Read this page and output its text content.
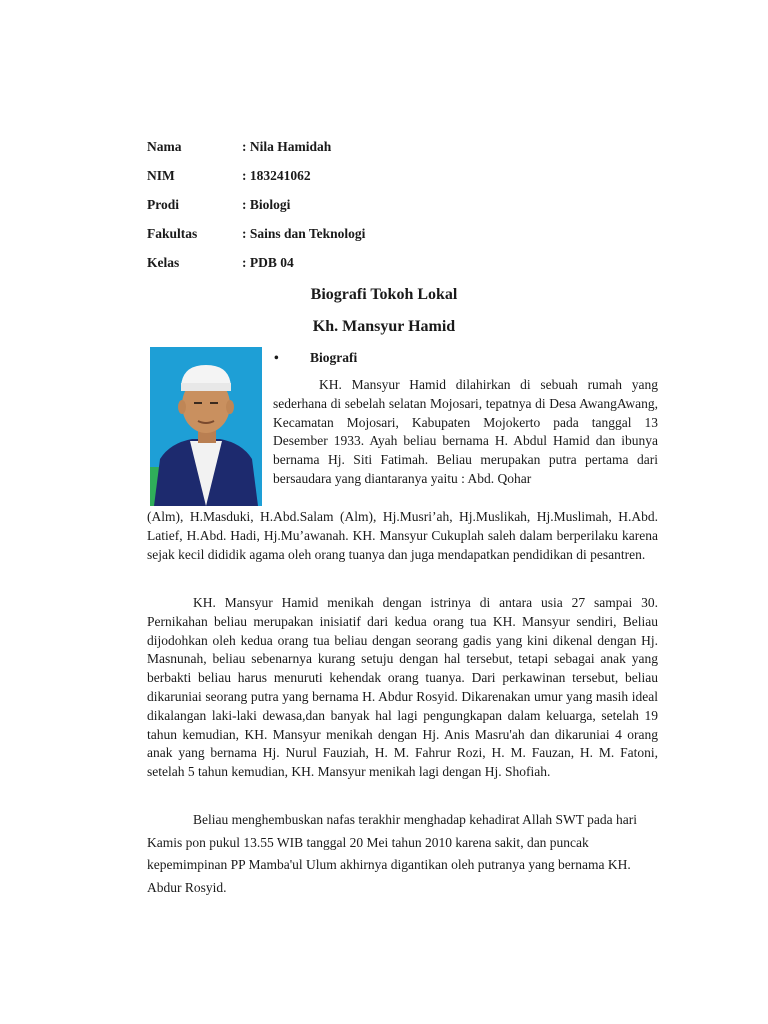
Nama	: Nila Hamidah
NIM	: 183241062
Prodi	: Biologi
Fakultas	: Sains dan Teknologi
Kelas	: PDB 04
Biografi Tokoh Lokal
Kh. Mansyur Hamid
• Biografi

KH. Mansyur Hamid dilahirkan di sebuah rumah yang sederhana di sebelah selatan Mojosari, tepatnya di Desa AwangAwang, Kecamatan Mojosari, Kabupaten Mojokerto pada tanggal 13 Desember 1933. Ayah beliau bernama H. Abdul Hamid dan ibunya bernama Hj. Siti Fatimah. Beliau merupakan putra pertama dari bersaudara yang diantaranya yaitu : Abd. Qohar

(Alm), H.Masduki, H.Abd.Salam (Alm), Hj.Musri’ah, Hj.Muslikah, Hj.Muslimah, H.Abd. Latief, H.Abd. Hadi, Hj.Mu’awanah. KH. Mansyur Cukuplah saleh dalam berperilaku karena sejak kecil dididik agama oleh orang tuanya dan juga mendapatkan pendidikan di pesantren.

KH. Mansyur Hamid menikah dengan istrinya di antara usia 27 sampai 30. Pernikahan beliau merupakan inisiatif dari kedua orang tua KH. Mansyur sendiri, Beliau dijodohkan oleh kedua orang tua beliau dengan seorang gadis yang kini dikenal dengan Hj. Masnunah, beliau sebenarnya kurang setuju dengan hal tersebut, tetapi sebagai anak yang berbakti beliau harus menuruti kehendak orang tuanya. Dari perkawinan tersebut, beliau dikaruniai seorang putra yang bernama H. Abdur Rosyid. Dikarenakan umur yang masih ideal dikalangan laki-laki dewasa,dan banyak hal lagi pengungkapan dalam keluarga, setelah 19 tahun kemudian, KH. Mansyur menikah dengan Hj. Anis Masru'ah dan dikaruniai 4 orang anak yang bernama Hj. Nurul Fauziah, H. M. Fahrur Rozi, H. M. Fauzan, H. M. Fatoni, setelah 5 tahun kemudian, KH. Mansyur menikah lagi dengan Hj. Shofiah.

Beliau menghembuskan nafas terakhir menghadap kehadirat Allah SWT pada hari Kamis pon pukul 13.55 WIB tanggal 20 Mei tahun 2010 karena sakit, dan puncak kepemimpinan PP Mamba'ul Ulum akhirnya digantikan oleh putranya yang bernama KH. Abdur Rosyid.
